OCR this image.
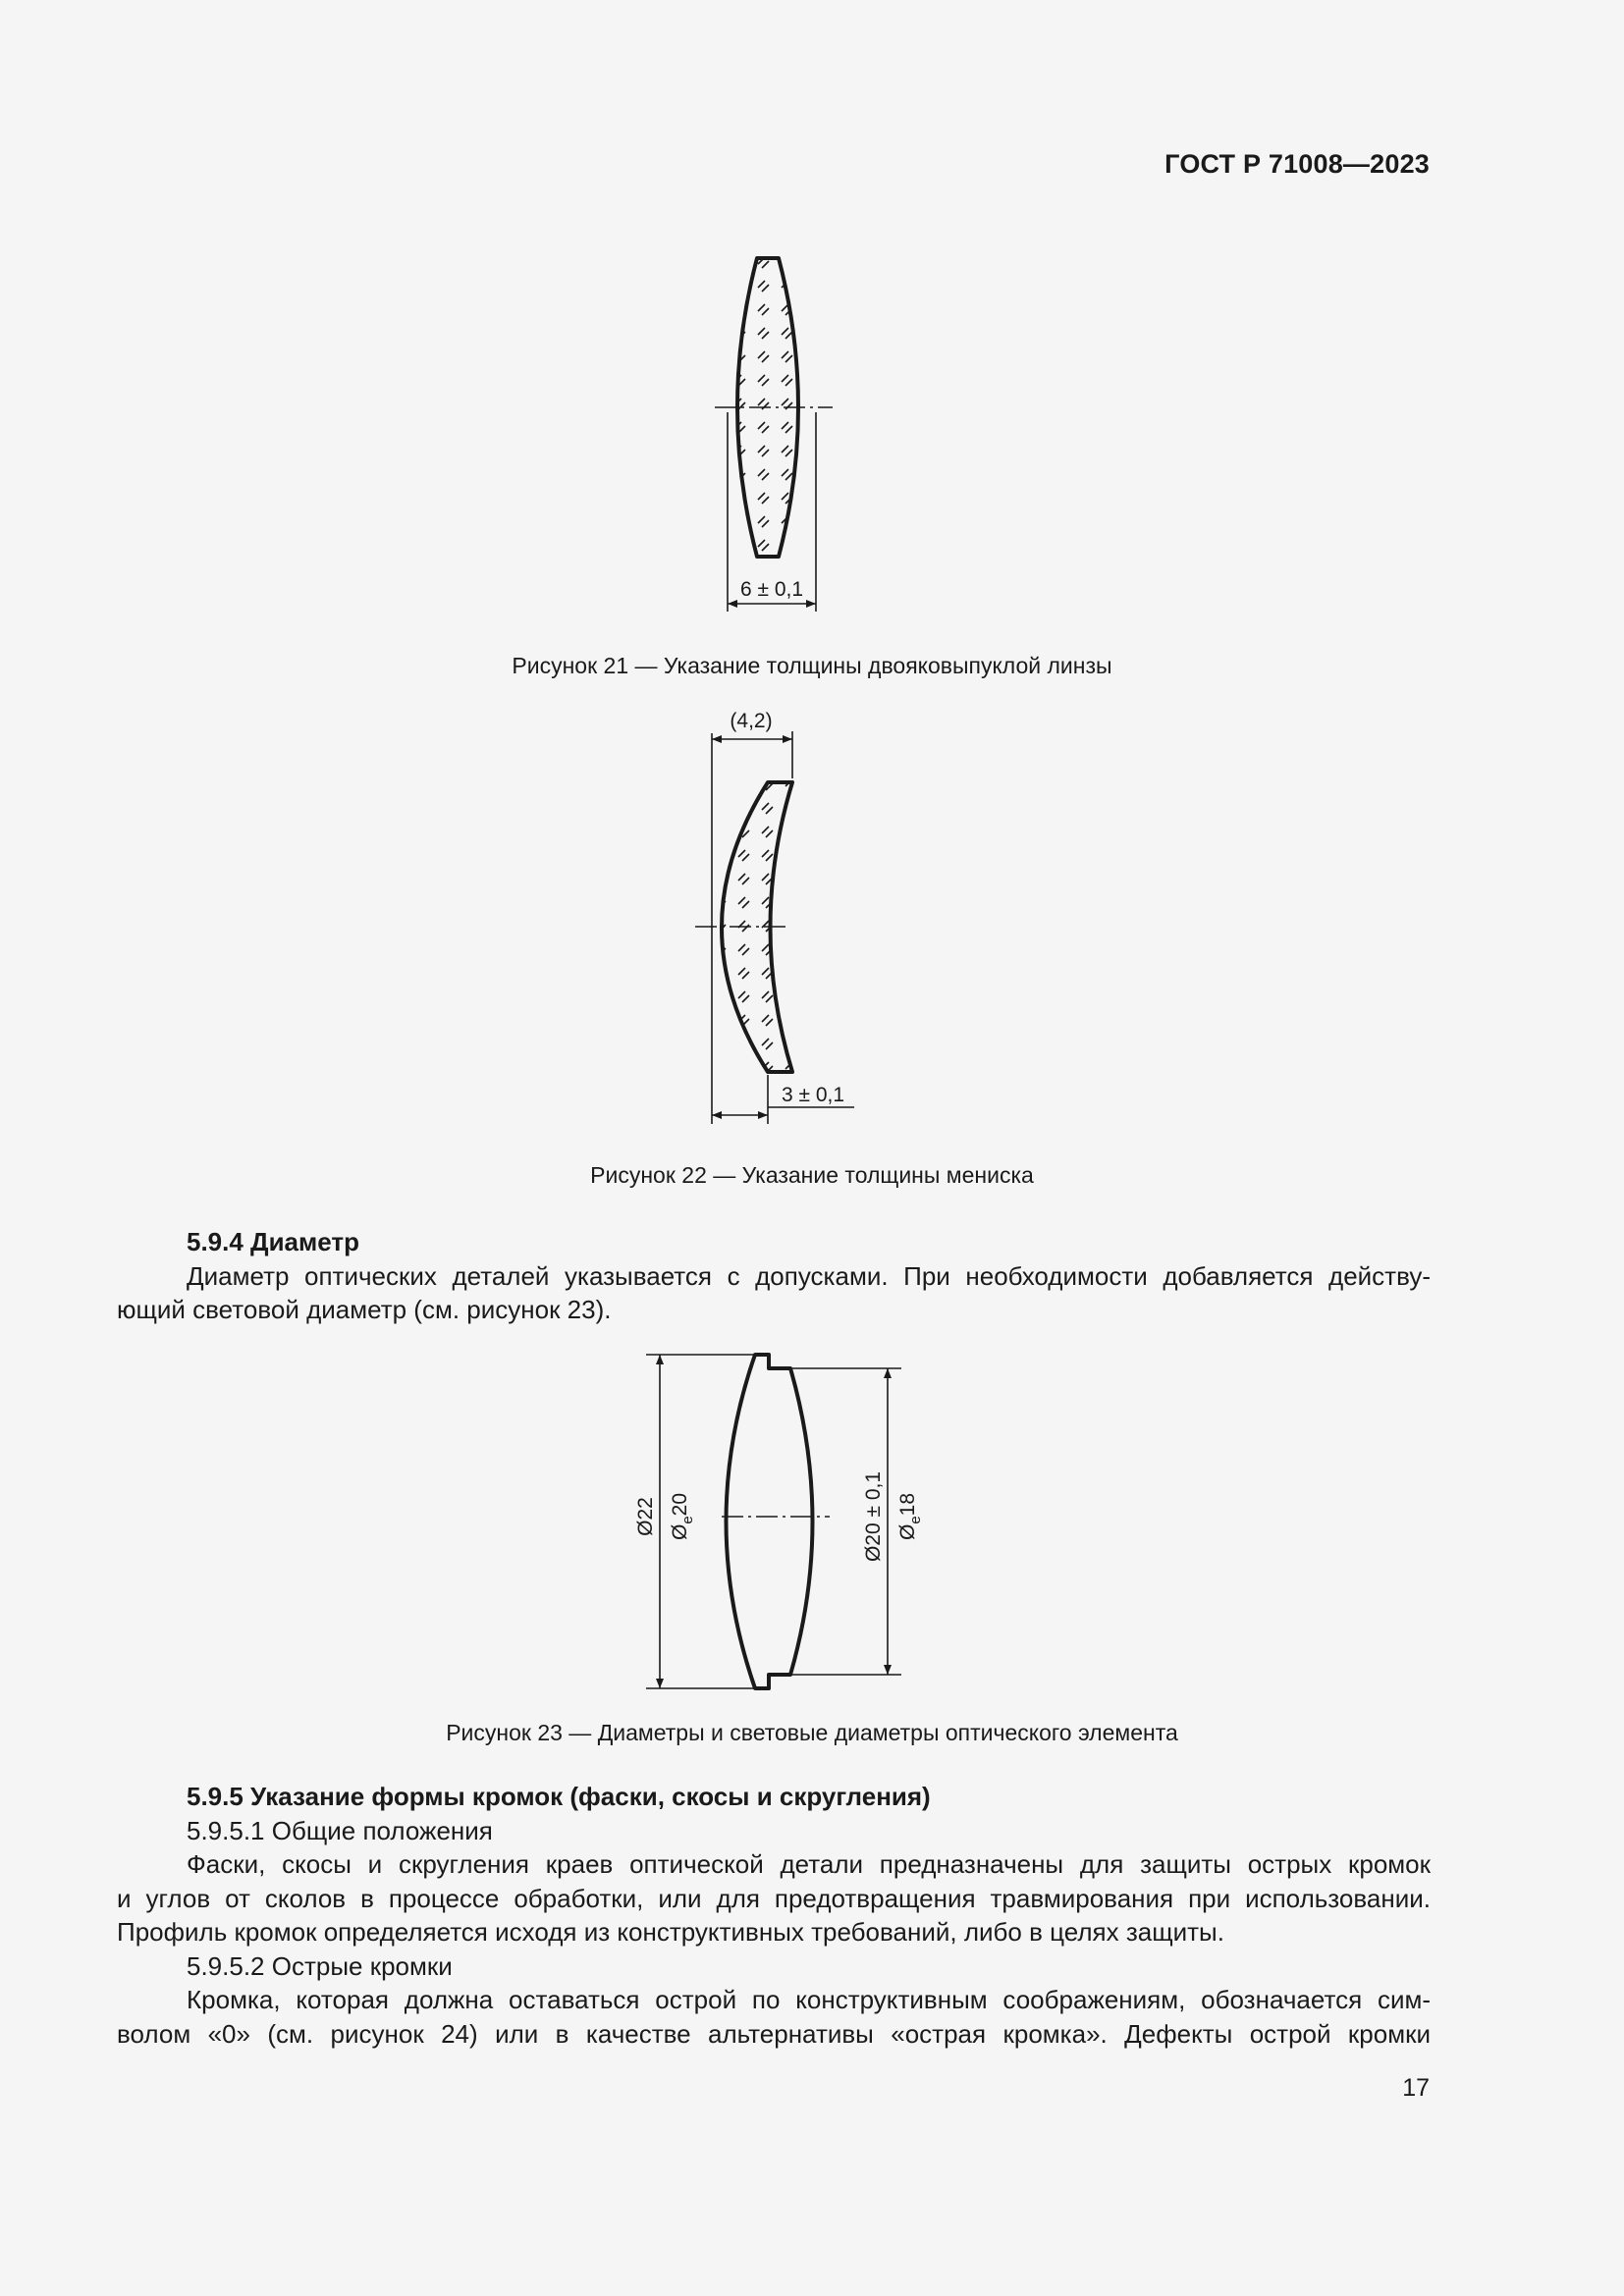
ГОСТ Р 71008—2023
6 ± 0,1
Рисунок 21 — Указание толщины двояковыпуклой линзы
(4,2)
3 ± 0,1
Рисунок 22 — Указание толщины мениска

5.9.4 Диаметр

Диаметр оптических деталей указывается с допусками. При необходимости добавляется действу-

ющий световой диаметр (см. рисунок 23).

Ø22 $Ø_е20$	Ø20 ± 0,1 $Ø_е18$
Рисунок 23 — Диаметры и световые диаметры оптического элемента

5.9.5 Указание формы кромок (фаски, скосы и скругления)

5.9.5.1 Общие положения

Фаски, скосы и скругления краев оптической детали предназначены для защиты острых кромок

и углов от сколов в процессе обработки, или для предотвращения травмирования при использовании.

Профиль кромок определяется исходя из конструктивных требований, либо в целях защиты.

5.9.5.2 Острые кромки

Кромка, которая должна оставаться острой по конструктивным соображениям, обозначается сим-

волом «0» (см. рисунок 24) или в качестве альтернативы «острая кромка». Дефекты острой кромки

17
